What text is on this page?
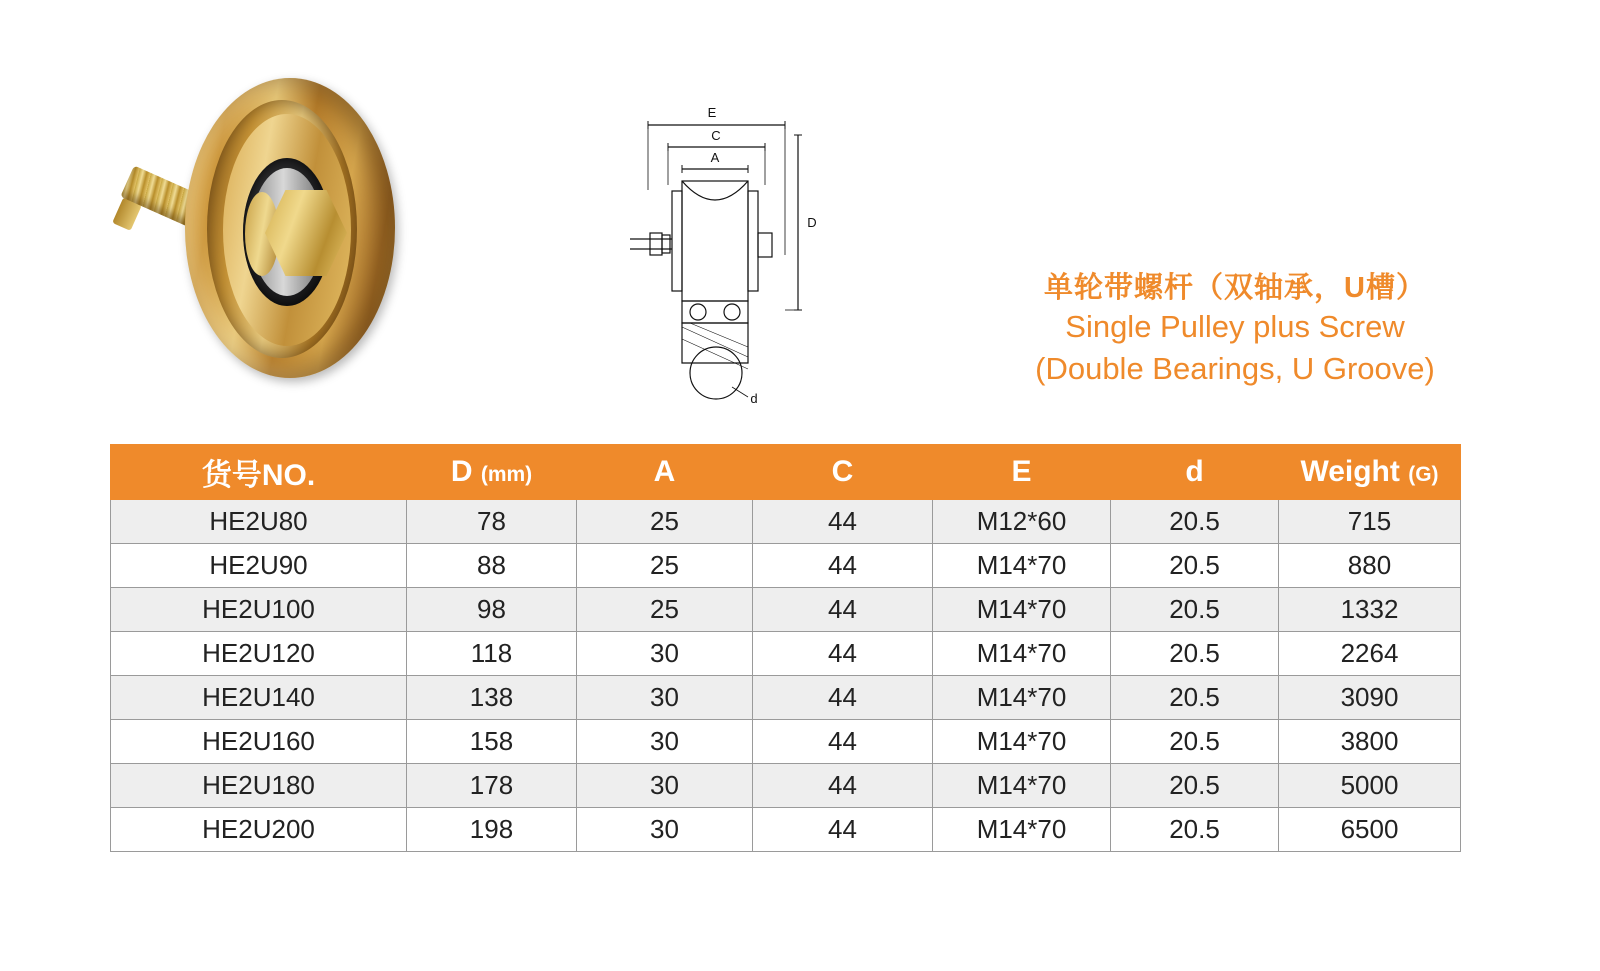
E
C
A
D
d
单轮带螺杆（双轴承，U槽）
Single Pulley plus Screw
(Double Bearings, U Groove)
货号NO.	D (mm)	A	C	E	d	Weight (G)
HE2U80	78	25	44	M12*60	20.5	715
HE2U90	88	25	44	M14*70	20.5	880
HE2U100	98	25	44	M14*70	20.5	1332
HE2U120	118	30	44	M14*70	20.5	2264
HE2U140	138	30	44	M14*70	20.5	3090
HE2U160	158	30	44	M14*70	20.5	3800
HE2U180	178	30	44	M14*70	20.5	5000
HE2U200	198	30	44	M14*70	20.5	6500
